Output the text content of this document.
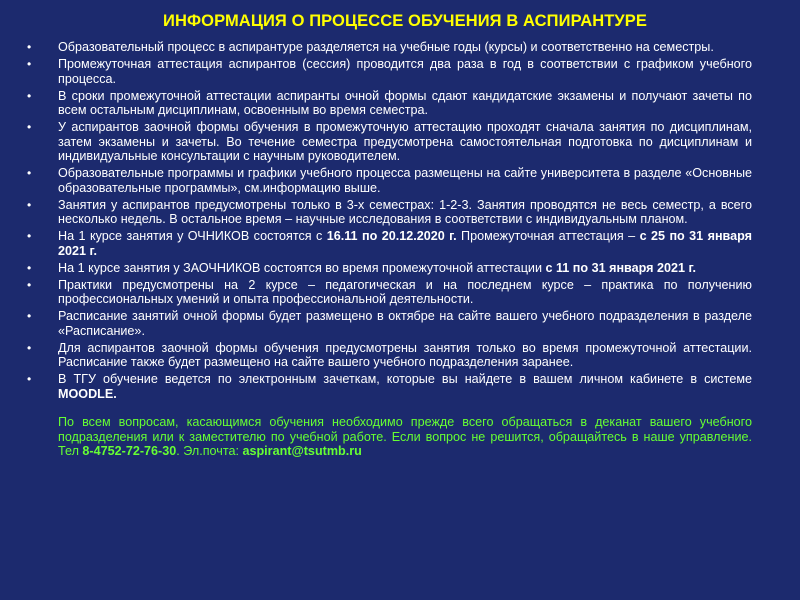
ИНФОРМАЦИЯ О ПРОЦЕССЕ ОБУЧЕНИЯ В АСПИРАНТУРЕ
• Образовательный процесс в аспирантуре разделяется на учебные годы (курсы) и соответственно на семестры.
• Промежуточная аттестация аспирантов (сессия) проводится два раза в год в соответствии с графиком учебного процесса.
• В сроки промежуточной аттестации аспиранты очной формы сдают кандидатские экзамены и получают зачеты по всем остальным дисциплинам, освоенным во время семестра.
• У аспирантов заочной формы обучения в промежуточную аттестацию проходят сначала занятия по дисциплинам, затем экзамены и зачеты. Во течение семестра предусмотрена самостоятельная подготовка по дисциплинам и индивидуальные консультации с научным руководителем.
• Образовательные программы и графики учебного процесса размещены на сайте университета в разделе «Основные образовательные программы», см.информацию выше.
• Занятия у аспирантов предусмотрены только в 3-х семестрах: 1-2-3. Занятия проводятся не весь семестр, а всего несколько недель. В остальное время – научные исследования в соответствии с индивидуальным планом.
• На 1 курсе занятия у ОЧНИКОВ состоятся с 16.11 по 20.12.2020 г. Промежуточная аттестация – с 25 по 31 января 2021 г.
• На 1 курсе занятия у ЗАОЧНИКОВ состоятся во время промежуточной аттестации с 11 по 31 января 2021 г.
• Практики предусмотрены на 2 курсе – педагогическая и на последнем курсе – практика по получению профессиональных умений и опыта профессиональной деятельности.
• Расписание занятий очной формы будет размещено в октябре на сайте вашего учебного подразделения в разделе «Расписание».
• Для аспирантов заочной формы обучения предусмотрены занятия только во время промежуточной аттестации. Расписание также будет размещено на сайте вашего учебного подразделения заранее.
• В ТГУ обучение ведется по электронным зачеткам, которые вы найдете в вашем личном кабинете в системе MOODLE.
По всем вопросам, касающимся обучения необходимо прежде всего обращаться в деканат вашего учебного подразделения или к заместителю по учебной работе. Если вопрос не решится, обращайтесь в наше управление. Тел 8-4752-72-76-30. Эл.почта: aspirant@tsutmb.ru
